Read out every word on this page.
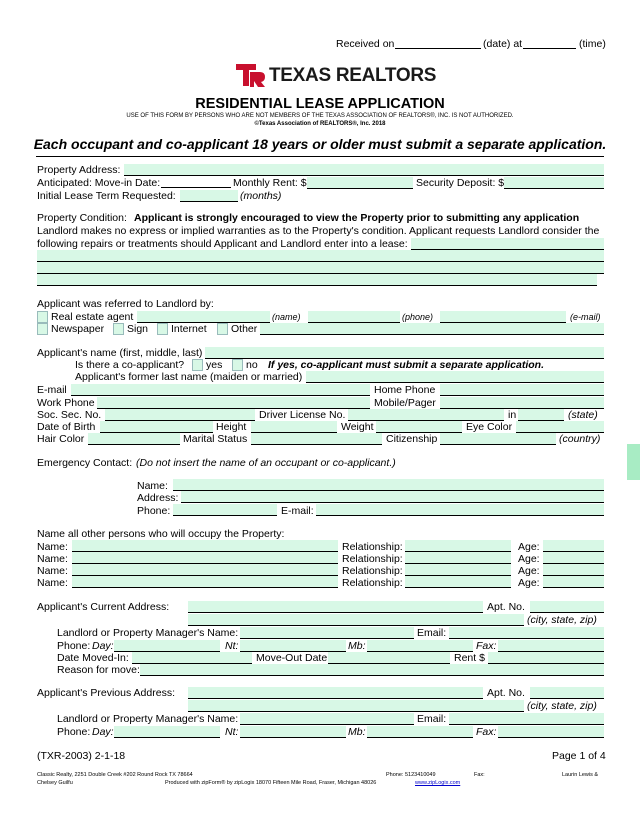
Received on	(date) at	(time)
TEXAS REALTORS
RESIDENTIAL LEASE APPLICATION
USE OF THIS FORM BY PERSONS WHO ARE NOT MEMBERS OF THE TEXAS ASSOCIATION OF REALTORS®, INC. IS NOT AUTHORIZED.
©Texas Association of REALTORS®, Inc. 2018
Each occupant and co-applicant 18 years or older must submit a separate application.
Property Address:
Anticipated: Move-in Date:	Monthly Rent: $	Security Deposit: $
Initial Lease Term Requested:	(months)
Property Condition: Applicant is strongly encouraged to view the Property prior to submitting any application
Landlord makes no express or implied warranties as to the Property's condition. Applicant requests Landlord consider the
following repairs or treatments should Applicant and Landlord enter into a lease:
Applicant was referred to Landlord by:
Real estate agent	(name)	(phone)	(e-mail)
Newspaper Sign Internet Other
Applicant's name (first, middle, last)
Is there a co-applicant? yes no If yes, co-applicant must submit a separate application.
Applicant's former last name (maiden or married)
E-mail	Home Phone
Work Phone	Mobile/Pager
Soc. Sec. No.	Driver License No.	in	(state)
Date of Birth	Height	Weight	Eye Color
Hair Color	Marital Status	Citizenship	(country)
Emergency Contact: (Do not insert the name of an occupant or co-applicant.)
Name:
Address:
Phone:	E-mail:
Name all other persons who will occupy the Property:
Name:	Relationship:	Age:
Name:	Relationship:	Age:
Name:	Relationship:	Age:
Name:	Relationship:	Age:
Applicant's Current Address:	Apt. No.
(city, state, zip)
Landlord or Property Manager's Name:	Email:
Phone: Day:	Nt:	Mb:	Fax:
Date Moved-In:	Move-Out Date	Rent $
Reason for move:
Applicant's Previous Address:	Apt. No.
(city, state, zip)
Landlord or Property Manager's Name:	Email:
Phone: Day:	Nt:	Mb:	Fax:
(TXR-2003) 2-1-18	Page 1 of 4
Classic Realty, 2251 Double Creek #202 Round Rock TX 78664	Phone: 5123410049	Fax:	Laurin Lewis &
Chelsey Guilfu	Produced with zipForm® by zipLogix 18070 Fifteen Mile Road, Fraser, Michigan 48026	www.zipLogix.com
